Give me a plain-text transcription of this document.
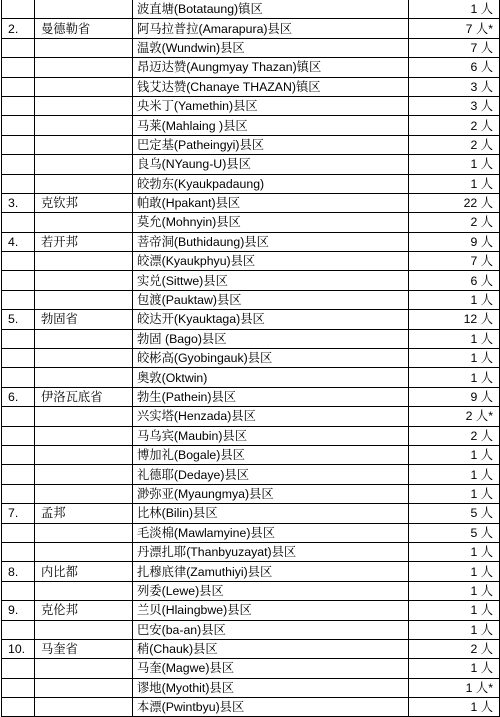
		波直塘(Botataung)镇区	1 人
2.	曼德勒省	阿马拉普拉(Amarapura)县区	7 人*
		温敦(Wundwin)县区	7 人
		昂迈达赞(Aungmyay Thazan)镇区	6 人
		钱艾达赞(Chanaye THAZAN)镇区	3 人
		央米丁(Yamethin)县区	3 人
		马莱(Mahlaing )县区	2 人
		巴定基(Patheingyi)县区	2 人
		良乌(NYaung-U)县区	1 人
		皎勃东(Kyaukpadaung)	1 人
3.	克钦邦	帕敢(Hpakant)县区	22 人
		莫允(Mohnyin)县区	2 人
4.	若开邦	菩帝洞(Buthidaung)县区	9 人
		皎漂(Kyaukphyu)县区	7 人
		实兑(Sittwe)县区	6 人
		包渡(Pauktaw)县区	1 人
5.	勃固省	皎达开(Kyauktaga)县区	12 人
		勃固 (Bago)县区	1 人
		皎彬高(Gyobingauk)县区	1 人
		奥敦(Oktwin)	1 人
6.	伊洛瓦底省	勃生(Pathein)县区	9 人
		兴实塔(Henzada)县区	2 人*
		马乌宾(Maubin)县区	2 人
		博加礼(Bogale)县区	1 人
		礼德耶(Dedaye)县区	1 人
		渺弥亚(Myaungmya)县区	1 人
7.	孟邦	比林(Bilin)县区	5 人
		毛淡棉(Mawlamyine)县区	5 人
		丹漂扎耶(Thanbyuzayat)县区	1 人
8.	内比都	扎穆底律(Zamuthiyi)县区	1 人
		列委(Lewe)县区	1 人
9.	克伦邦	兰贝(Hlaingbwe)县区	1 人
		巴安(ba-an)县区	1 人
10.	马奎省	稍(Chauk)县区	2 人
		马奎(Magwe)县区	1 人
		谬地(Myothit)县区	1 人*
		本漂(Pwintbyu)县区	1 人
